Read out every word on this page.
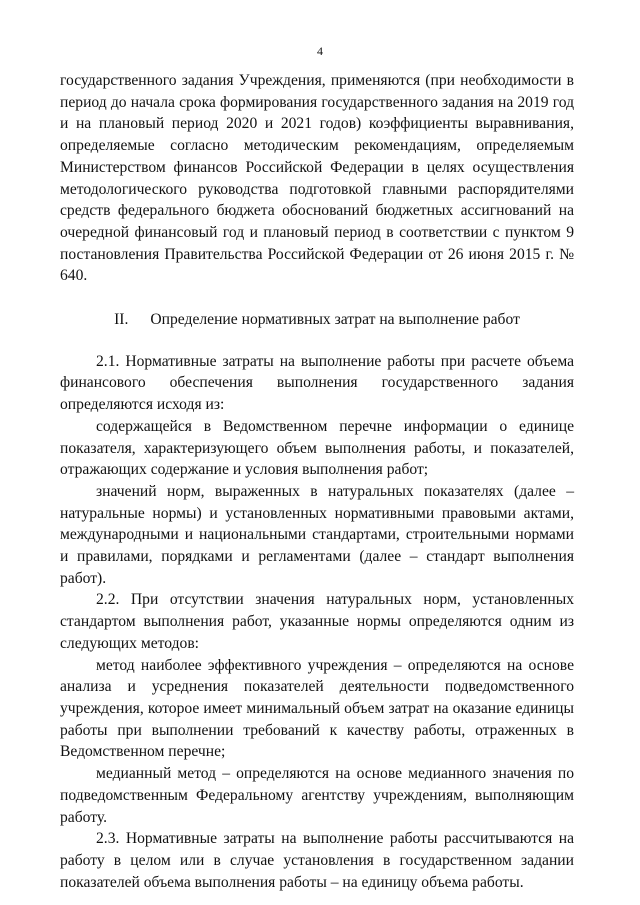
4

государственного задания Учреждения, применяются (при необходимости в период до начала срока формирования государственного задания на 2019 год и на плановый период 2020 и 2021 годов) коэффициенты выравнивания, определяемые согласно методическим рекомендациям, определяемым Министерством финансов Российской Федерации в целях осуществления методологического руководства подготовкой главными распорядителями средств федерального бюджета обоснований бюджетных ассигнований на очередной финансовый год и плановый период в соответствии с пунктом 9 постановления Правительства Российской Федерации от 26 июня 2015 г. № 640.

II. Определение нормативных затрат на выполнение работ

2.1. Нормативные затраты на выполнение работы при расчете объема финансового обеспечения выполнения государственного задания определяются исходя из:

содержащейся в Ведомственном перечне информации о единице показателя, характеризующего объем выполнения работы, и показателей, отражающих содержание и условия выполнения работ;

значений норм, выраженных в натуральных показателях (далее – натуральные нормы) и установленных нормативными правовыми актами, международными и национальными стандартами, строительными нормами и правилами, порядками и регламентами (далее – стандарт выполнения работ).

2.2. При отсутствии значения натуральных норм, установленных стандартом выполнения работ, указанные нормы определяются одним из следующих методов:

метод наиболее эффективного учреждения – определяются на основе анализа и усреднения показателей деятельности подведомственного учреждения, которое имеет минимальный объем затрат на оказание единицы работы при выполнении требований к качеству работы, отраженных в Ведомственном перечне;

медианный метод – определяются на основе медианного значения по подведомственным Федеральному агентству учреждениям, выполняющим работу.

2.3. Нормативные затраты на выполнение работы рассчитываются на работу в целом или в случае установления в государственном задании показателей объема выполнения работы – на единицу объема работы.
